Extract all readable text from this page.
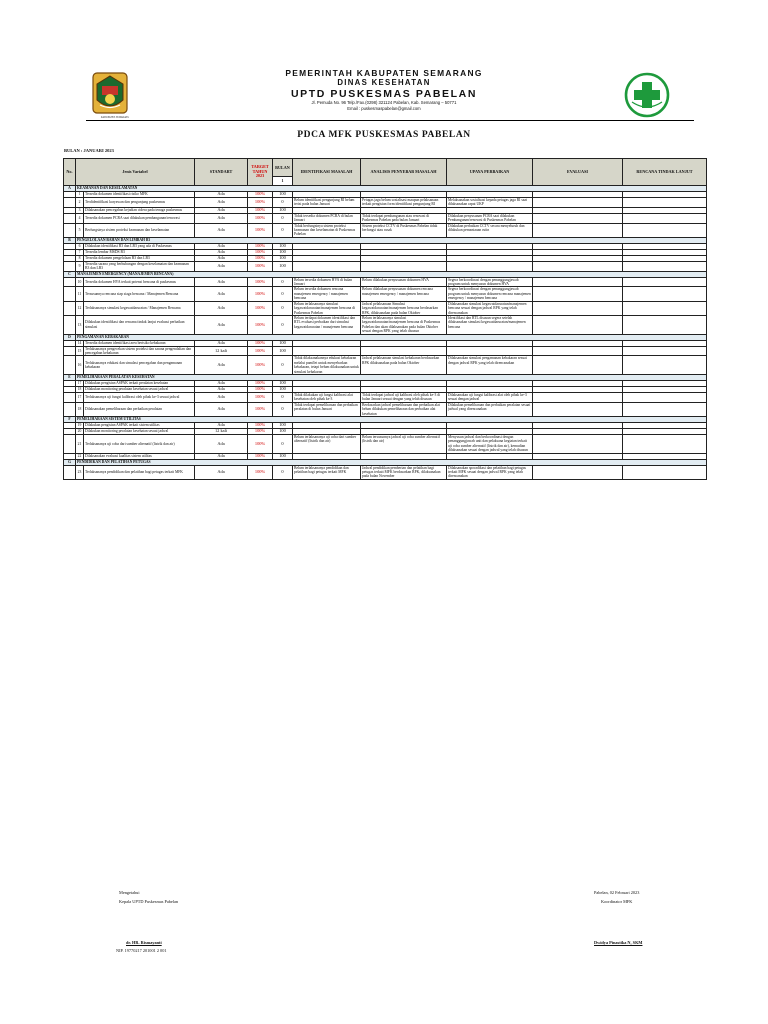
PEMERINTAH KABUPATEN SEMARANG
DINAS KESEHATAN
UPTD PUSKESMAS PABELAN
Jl. Pemuda No. 96 Telp./Fax.(0298) 321124 Pabelan, Kab. Semarang – 50771
Email : puskesmaspabelan@gmail.com
KABUPATEN SEMARANG
PDCA MFK PUSKESMAS PABELAN
BULAN : JANUARI 2023
No.	Jenis Variabel		STANDART	TARGET TAHUN 2023	BULAN
1	IDENTIFIKASI MASALAH	ANALISIS PENYEBAB MASALAH	UPAYA PERBAIKAN	EVALUASI	RENCANA TINDAK LANJUT
A	KEAMANAN DAN KESELAMATAN									
	1	Tersedia dokumen identifikasi risiko MFK	Ada	100%	100					
	2	Terdidentifikasi karyawan dan pengunjung puskesmas	Ada	100%	0	Belum identifikasi pengunjung RI belum terisi pada bulan Januari	Petugas jaga belum sosialisasi maupun pelaksanaan terkait pengisian form identifikasi pengunjung RI	Melaksanakan sosialisasi kepada petugas jaga RI saat dilaksanakan rapat UKP		
	3	Dilaksanakan pencegahan kejadian cidera pada tenaga puskesmas	Ada	100%	100					
	4	Tersedia dokumen PCRA saat dilakukan pembangunan/renovasi	Ada	100%	0	Tidak tersedia dokumen PCRA di bulan Januari	Tidak terdapat pembangunan atau renovasi di Puskesmas Pabelan pada bulan Januari	Dilakukan penyusunan PCRA saat dilakukan Pembangunan/renovasi di Puskesmas Pabelan		
	5	Berfungsinya sistem proteksi keamanan dan keselamatan	Ada	100%	0	Tidak berfungsinya sistem proteksi keamanan dan keselamatan di Puskesmas Pabelan	Sistem proteksi CCTV di Puskesmas Pabelan tidak berfungsi atau rusak	Dilakukan perbaikan CCTV secara menyeluruh dan dilakukan pemantauan rutin		
B	PENGELOLAAN BAHAN DAN LIMBAH B3									
	6	Dilakukan identifikasi B3 dan LB3 yang ada di Puskesmas	Ada	100%	100					
	7	Tersedia lembar MSDS B3	Ada	100%	100					
	8	Tersedia dokumen pengelolaan B3 dan LB3	Ada	100%	100					
	9	Tersedia sarana yang berhubungan dengan keselamatan dan keamanan B3 dan LB3	Ada	100%	100					
C	MANAJEMEN EMERGENCY (MANAJEMEN BENCANA)									
	10	Tersedia dokumen HVA terkait potensi bencana di puskesmas	Ada	100%	0	Belum tersedia dokumen HVA di bulan Januari	Belum dilakukan penyusunan dokumen HVA	Segera berkoordinasi dengan penanggungjawab program untuk menyusun dokumen HVA		
	11	Tersusunnya rencana siap siaga bencana / Manajemen Bencana	Ada	100%	0	Belum tersedia dokumen rencana manajemen emergency / manajemen bencana	Belum dilakukan penyusunan dokumen rencana manajemen emergency / manajemen bencana	Segera berkoordinasi dengan penanggungjawab program untuk menyusun dokumen rencana manajemen emergency / manajemen bencana		
	12	Terlaksananya simulasi kegawatdaruratan / Manajemen Bencana	Ada	100%	0	Belum terlaksananya simulasi kegawatdaruratan/manajemen bencana di Puskesmas Pabelan	Jadwal pelaksanaan Simulasi kegawatdaruratan/manajemen bencana berdasarkan RPK, dilaksanakan pada bulan Oktober	Dilaksanakan simulasi kegawatdaruratan/manajemen bencana sesuai dengan jadwal RPK yang telah direncanakan		
	13	Dilakukan identifikasi dan rencana tindak lanjut evaluasi perbaikan simulasi	Ada	100%	0	Belum terdapat dokumen identifikasi dan RTL evaluasi perbaikan dari simulasi kegawatdaruratan / manajemen bencana	Belum terlaksananya simulasi kegawatdaruratan/manajemen bencana di Puskesmas Pabelan dan akan dilaksanakan pada bulan Oktober sesuai dengan RPK yang telah disusun	Identifikasi dan RTL disusun segera setelah dilaksanakan simulasi kegawatdaruratan/manajemen bencana		
D	PENGAMANAN KEBAKARAN									
	14	Tersedia dokumen identifikasi area berisiko kebakaran	Ada	100%	100					
	15	Terlaksananya pengecekan sistem proteksi dan sarana pengendalian dan pencegahan kebakaran	12 kali	100%	100					
	16	Terlaksananya edukasi dan simulasi pencegahan dan pengamanan kebakaran	Ada	100%	0	Tidak dilaksanakannya edukasi kebakaran melalui pamflet untuk menyebarkan kebakaran, tetapi belum dilaksanakan untuk simulasi kebakaran	Jadwal pelaksanaan simulasi kebakaran berdasarkan RPK dilaksanakan pada bulan Oktober	Dilaksanakan simulasi pengamanan kebakaran sesuai dengan jadwal RPK yang telah direncanakan		
E	PEMELIHARAAN PERALATAN KESEHATAN									
	17	Dilakukan pengisian ASPAK terkait peralatan kesehatan	Ada	100%	100					
	18	Dilakukan monitoring peralatan kesehatan sesuai jadwal	Ada	100%	100					
	17	Terlaksananya uji fungsi kalibrasi oleh pihak ke-3 sesuai jadwal	Ada	100%	0	Tidak dilakukan uji fungsi kalibrasi alat kesehatan oleh pihak ke-3	Tidak terdapat jadwal uji kalibrasi oleh pihak ke-3 di bulan Januari sesuai dengan yang telah disusun	Dilaksanakan uji fungsi kalibrasi alat oleh pihak ke-3 sesuai dengan jadwal		
	18	Dilaksanakan pemeliharaan dan perbaikan peralatan	Ada	100%	0	Tidak terdapat pemeliharaan dan perbaikan peralatan di bulan Januari	Berdasarkan jadwal pemeliharaan dan perbaikan alat belum dilakukan pemeliharaan dan perbaikan alat kesehatan	Dilakukan pemeliharaan dan perbaikan peralatan sesuai jadwal yang direncanakan		
F	PEMELIHARAAN SISTEM UTILITAS									
	19	Dilakukan pengisian ASPAK terkait sistem utilitas	Ada	100%	100					
	20	Dilakukan monitoring peralatan kesehatan sesuai jadwal	12 kali	100%	100					
	21	Terlaksananya uji coba dari sumber alternatif (listrik dan air)	Ada	100%	0	Belum terlaksananya uji coba dari sumber alternatif (listrik dan air)	Belum tersusunnya jadwal uji coba sumber alternatif (listrik dan air)	Menyusun jadwal dan berkoordinasi dengan penanggungjawab unit dan pelaksana kegiatan terkait uji coba sumber alternatif (listrik dan air), kemudian dilaksanakan sesuai dengan jadwal yang telah disusun		
	22	Dilaksanakan evaluasi kualitas sistem utilitas	Ada	100%	100					
G	PENDIDIKAN DAN PELATIHAN PETUGAS									
	23	Terlaksananya pendidikan dan pelatihan bagi petugas terkait MFK	Ada	100%	0	Belum terlaksananya pendidikan dan pelatihan bagi petugas terkait MFK	Jadwal pendidikan pemberian dan pelatihan bagi petugas terkait MFK berdasarkan RPK, dilaksanakan pada bulan November	Dilaksanakan sporadikasi dan pelatihan bagi petugas terkait MFK sesuai dengan jadwal RPK yang telah direncanakan		
Mengetahui
Kepala UPTD Puskesmas Pabelan
dr. HR. Rismayanti
NIP. 19770217 201001 2 001
Pabelan, 02 Februari 2023
Koordinator MFK
Dwidya Pinastika N, SKM
